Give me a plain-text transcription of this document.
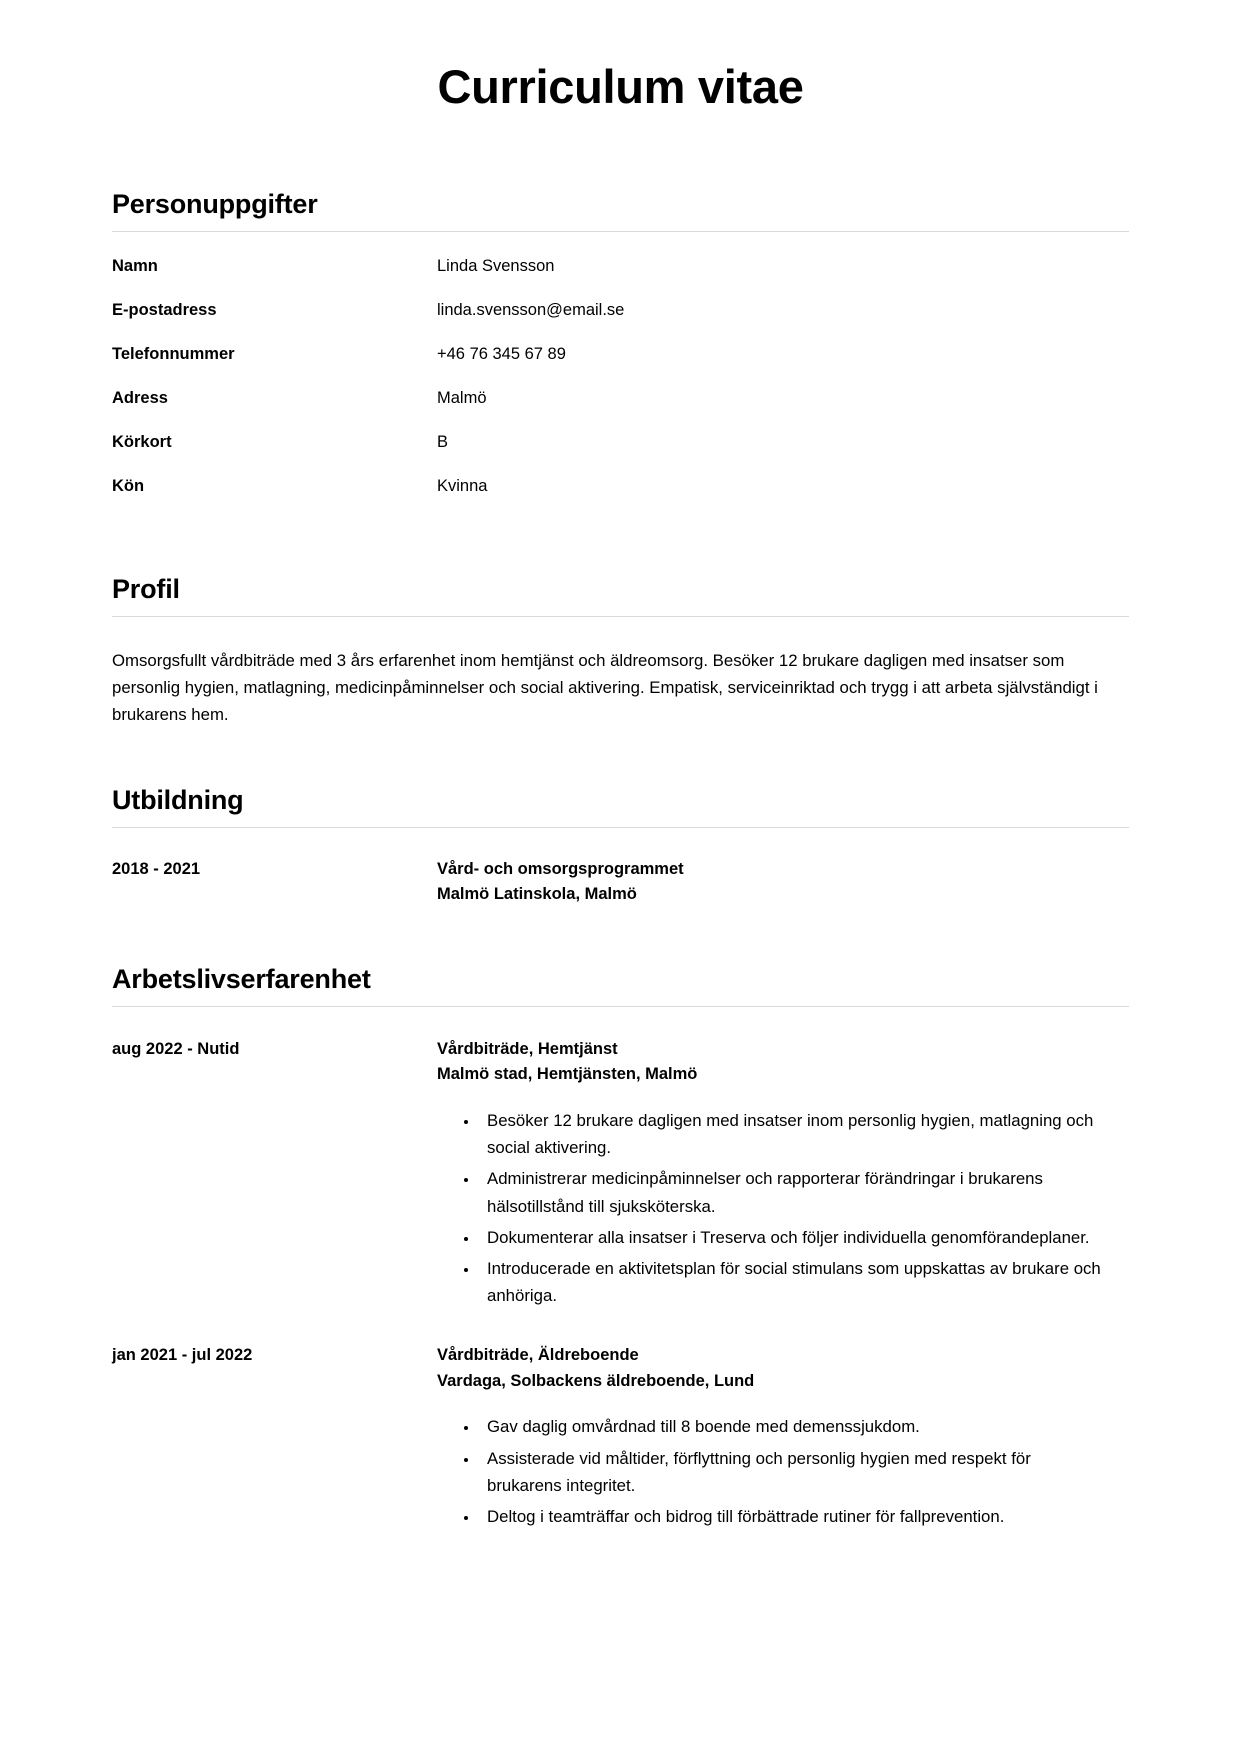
Curriculum vitae
Personuppgifter
Namn	Linda Svensson
E-postadress	linda.svensson@email.se
Telefonnummer	+46 76 345 67 89
Adress	Malmö
Körkort	B
Kön	Kvinna
Profil

Omsorgsfullt vårdbiträde med 3 års erfarenhet inom hemtjänst och äldreomsorg. Besöker 12 brukare dagligen med insatser som personlig hygien, matlagning, medicinpåminnelser och social aktivering. Empatisk, serviceinriktad och trygg i att arbeta självständigt i brukarens hem.

Utbildning
2018 - 2021	Vård- och omsorgsprogrammet
Malmö Latinskola, Malmö
Arbetslivserfarenhet
aug 2022 - Nutid	Vårdbiträde, Hemtjänst
Malmö stad, Hemtjänsten, Malmö
• Besöker 12 brukare dagligen med insatser inom personlig hygien, matlagning och social aktivering.
• Administrerar medicinpåminnelser och rapporterar förändringar i brukarens hälsotillstånd till sjuksköterska.
• Dokumenterar alla insatser i Treserva och följer individuella genomförandeplaner.
• Introducerade en aktivitetsplan för social stimulans som uppskattas av brukare och anhöriga.
jan 2021 - jul 2022	Vårdbiträde, Äldreboende
Vardaga, Solbackens äldreboende, Lund
• Gav daglig omvårdnad till 8 boende med demenssjukdom.
• Assisterade vid måltider, förflyttning och personlig hygien med respekt för brukarens integritet.
• Deltog i teamträffar och bidrog till förbättrade rutiner för fallprevention.
